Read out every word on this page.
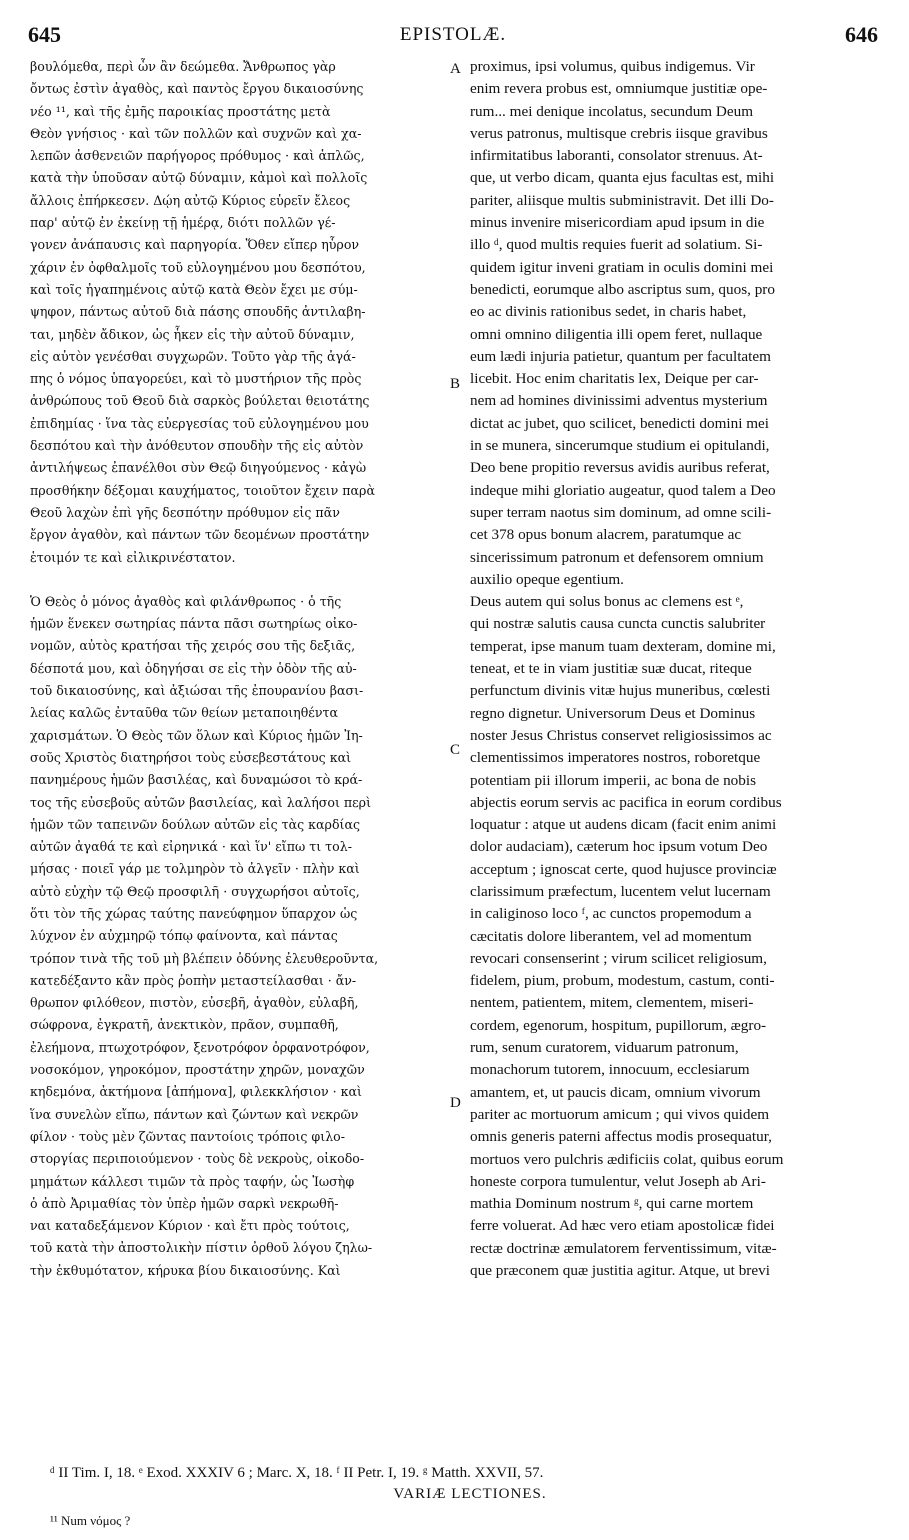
645	EPISTOLÆ.	646
βουλόμεθα, περὶ ὧν ἂν δεώμεθα. Ἄνθρωπος γὰρ
ὄντως ἐστὶν ἀγαθὸς, καὶ παντὸς ἔργου δικαιοσύνης
νέο ¹¹, καὶ τῆς ἐμῆς παροικίας προστάτης μετὰ
Θεὸν γνήσιος · καὶ τῶν πολλῶν καὶ συχνῶν καὶ χα-
λεπῶν ἀσθενειῶν παρήγορος πρόθυμος · καὶ ἁπλῶς,
κατὰ τὴν ὑποῦσαν αὐτῷ δύναμιν, κἀμοὶ καὶ πολλοῖς
ἄλλοις ἐπήρκεσεν. Δῴη αὐτῷ Κύριος εὑρεῖν ἔλεος
παρ' αὐτῷ ἐν ἐκείνῃ τῇ ἡμέρᾳ, διότι πολλῶν γέ-
γονεν ἀνάπαυσις καὶ παρηγορία. Ὅθεν εἴπερ ηὗρον
χάριν ἐν ὀφθαλμοῖς τοῦ εὐλογημένου μου δεσπότου,
καὶ τοῖς ἠγαπημένοις αὐτῷ κατὰ Θεὸν ἔχει με σύμ-
ψηφον, πάντως αὐτοῦ διὰ πάσης σπουδῆς ἀντιλαβη-
ται, μηδὲν ἄδικον, ὡς ἧκεν εἰς τὴν αὐτοῦ δύναμιν,
εἰς αὐτὸν γενέσθαι συγχωρῶν. Τοῦτο γὰρ τῆς ἀγά-
πης ὁ νόμος ὑπαγορεύει, καὶ τὸ μυστήριον τῆς πρὸς
ἀνθρώπους τοῦ Θεοῦ διὰ σαρκὸς βούλεται θειοτάτης
ἐπιδημίας · ἵνα τὰς εὐεργεσίας τοῦ εὐλογημένου μου
δεσπότου καὶ τὴν ἀνόθευτον σπουδὴν τῆς εἰς αὐτὸν
ἀντιλήψεως ἐπανέλθοι σὺν Θεῷ διηγούμενος · κἀγὼ
προσθήκην δέξομαι καυχήματος, τοιοῦτον ἔχειν παρὰ
Θεοῦ λαχὼν ἐπὶ γῆς δεσπότην πρόθυμον εἰς πᾶν
ἔργον ἀγαθὸν, καὶ πάντων τῶν δεομένων προστάτην
ἑτοιμόν τε καὶ εἰλικρινέστατον.
Ὁ Θεὸς ὁ μόνος ἀγαθὸς καὶ φιλάνθρωπος · ὁ τῆς
ἡμῶν ἕνεκεν σωτηρίας πάντα πᾶσι σωτηρίως οἰκο-
νομῶν, αὐτὸς κρατήσαι τῆς χειρός σου τῆς δεξιᾶς,
δέσποτά μου, καὶ ὁδηγήσαι σε εἰς τὴν ὁδὸν τῆς αὐ-
τοῦ δικαιοσύνης, καὶ ἀξιώσαι τῆς ἐπουρανίου βασι-
λείας καλῶς ἐνταῦθα τῶν θείων μεταποιηθέντα
χαρισμάτων. Ὁ Θεὸς τῶν ὅλων καὶ Κύριος ἡμῶν Ἰη-
σοῦς Χριστὸς διατηρήσοι τοὺς εὐσεβεστάτους καὶ
πανημέρους ἡμῶν βασιλέας, καὶ δυναμώσοι τὸ κρά-
τος τῆς εὐσεβοῦς αὐτῶν βασιλείας, καὶ λαλήσοι περὶ
ἡμῶν τῶν ταπεινῶν δούλων αὐτῶν εἰς τὰς καρδίας
αὐτῶν ἀγαθά τε καὶ εἰρηνικά · καὶ ἵν' εἴπω τι τολ-
μήσας · ποιεῖ γάρ με τολμηρὸν τὸ ἀλγεῖν · πλὴν καὶ
αὐτὸ εὐχὴν τῷ Θεῷ προσφιλῆ · συγχωρήσοι αὐτοῖς,
ὅτι τὸν τῆς χώρας ταύτης πανεύφημον ὕπαρχον ὡς
λύχνον ἐν αὐχμηρῷ τόπῳ φαίνοντα, καὶ πάντας
τρόπον τινὰ τῆς τοῦ μὴ βλέπειν ὀδύνης ἐλευθεροῦντα,
κατεδέξαντο κἂν πρὸς ῥοπὴν μεταστείλασθαι · ἄν-
θρωπον φιλόθεον, πιστὸν, εὐσεβῆ, ἀγαθὸν, εὐλαβῆ,
σώφρονα, ἐγκρατῆ, ἀνεκτικὸν, πρᾶον, συμπαθῆ,
ἐλεήμονα, πτωχοτρόφον, ξενοτρόφον ὀρφανοτρόφον,
νοσοκόμον, γηροκόμον, προστάτην χηρῶν, μοναχῶν
κηδεμόνα, ἀκτήμονα [ἀπήμονα], φιλεκκλήσιον · καὶ
ἵνα συνελὼν εἴπω, πάντων καὶ ζώντων καὶ νεκρῶν
φίλον · τοὺς μὲν ζῶντας παντοίοις τρόποις φιλο-
στοργίας περιποιούμενον · τοὺς δὲ νεκροὺς, οἰκοδο-
μημάτων κάλλεσι τιμῶν τὰ πρὸς ταφήν, ὡς Ἰωσὴφ
ὁ ἀπὸ Ἀριμαθίας τὸν ὑπὲρ ἡμῶν σαρκὶ νεκρωθῆ-
ναι καταδεξάμενον Κύριον · καὶ ἔτι πρὸς τούτοις,
τοῦ κατὰ τὴν ἀποστολικὴν πίστιν ὀρθοῦ λόγου ζηλω-
τὴν ἐκθυμότατον, κήρυκα βίου δικαιοσύνης. Καὶ
proximus, ipsi volumus, quibus indigemus. Vir
enim revera probus est, omniumque justitiæ ope-
rum... mei denique incolatus, secundum Deum
verus patronus, multisque crebris iisque gravibus
infirmitatibus laboranti, consolator strenuus. At-
que, ut verbo dicam, quanta ejus facultas est, mihi
pariter, aliisque multis subministravit. Det illi Do-
minus invenire misericordiam apud ipsum in die
illo ᵈ, quod multis requies fuerit ad solatium. Si-
quidem igitur inveni gratiam in oculis domini mei
benedicti, eorumque albo ascriptus sum, quos, pro
eo ac divinis rationibus sedet, in charis habet,
omni omnino diligentia illi opem feret, nullaque
eum lædi injuria patietur, quantum per facultatem
licebit. Hoc enim charitatis lex, Deique per car-
nem ad homines divinissimi adventus mysterium
dictat ac jubet, quo scilicet, benedicti domini mei
in se munera, sincerumque studium ei opitulandi,
Deo bene propitio reversus avidis auribus referat,
indeque mihi gloriatio augeatur, quod talem a Deo
super terram naotus sim dominum, ad omne scili-
cet 378 opus bonum alacrem, paratumque ac
sincerissimum patronum et defensorem omnium
auxilio opeque egentium.
Deus autem qui solus bonus ac clemens est ᵉ,
qui nostræ salutis causa cuncta cunctis salubriter
temperat, ipse manum tuam dexteram, domine mi,
teneat, et te in viam justitiæ suæ ducat, riteque
perfunctum divinis vitæ hujus muneribus, cœlesti
regno dignetur. Universorum Deus et Dominus
noster Jesus Christus conservet religiosissimos ac
clementissimos imperatores nostros, roboretque
potentiam pii illorum imperii, ac bona de nobis
abjectis eorum servis ac pacifica in eorum cordibus
loquatur : atque ut audens dicam (facit enim animi
dolor audaciam), cæterum hoc ipsum votum Deo
acceptum ; ignoscat certe, quod hujusce provinciæ
clarissimum præfectum, lucentem velut lucernam
in caliginoso loco ᶠ, ac cunctos propemodum a
cæcitatis dolore liberantem, vel ad momentum
revocari consenserint ; virum scilicet religiosum,
fidelem, pium, probum, modestum, castum, conti-
nentem, patientem, mitem, clementem, miseri-
cordem, egenorum, hospitum, pupillorum, ægro-
rum, senum curatorem, viduarum patronum,
monachorum tutorem, innocuum, ecclesiarum
amantem, et, ut paucis dicam, omnium vivorum
pariter ac mortuorum amicum ; qui vivos quidem
omnis generis paterni affectus modis prosequatur,
mortuos vero pulchris ædificiis colat, quibus eorum
honeste corpora tumulentur, velut Joseph ab Ari-
mathia Dominum nostrum ᵍ, qui carne mortem
ferre voluerat. Ad hæc vero etiam apostolicæ fidei
rectæ doctrinæ æmulatorem ferventissimum, vitæ-
que præconem quæ justitia agitur. Atque, ut brevi
A
B
C
D
ᵈ II Tim. I, 18. ᵉ Exod. XXXIV 6 ; Marc. X, 18. ᶠ II Petr. I, 19. ᵍ Matth. XXVII, 57.
VARIÆ LECTIONES.
¹¹ Num νόμος ?
